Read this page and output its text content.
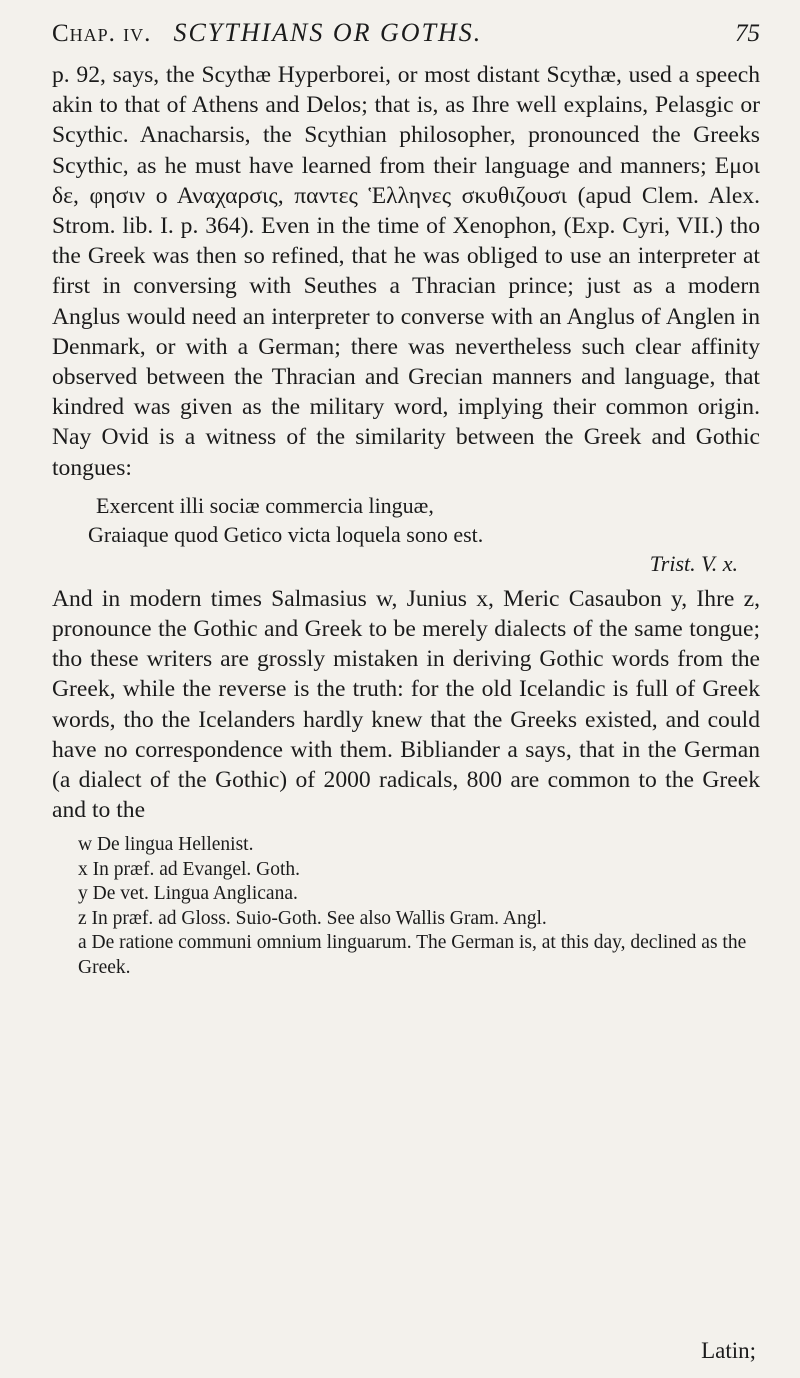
Chap. iv. SCYTHIANS OR GOTHS.	75

p. 92, says, the Scythæ Hyperborei, or most distant Scythæ, used a speech akin to that of Athens and Delos; that is, as Ihre well explains, Pelasgic or Scythic. Anacharsis, the Scythian philosopher, pronounced the Greeks Scythic, as he must have learned from their language and manners; Εμοι δε, φησιν ο Αναχαρσις, παντες Ἑλληνες σκυθιζουσι (apud Clem. Alex. Strom. lib. I. p. 364). Even in the time of Xenophon, (Exp. Cyri, VII.) tho the Greek was then so refined, that he was obliged to use an interpreter at first in conversing with Seuthes a Thracian prince; just as a modern Anglus would need an interpreter to converse with an Anglus of Anglen in Denmark, or with a German; there was nevertheless such clear affinity observed between the Thracian and Grecian manners and language, that kindred was given as the military word, implying their common origin. Nay Ovid is a witness of the similarity between the Greek and Gothic tongues:

Exercent illi sociæ commercia linguæ,
Graiaque quod Getico victa loquela sono est.
Trist. V. x.

And in modern times Salmasius w, Junius x, Meric Casaubon y, Ihre z, pronounce the Gothic and Greek to be merely dialects of the same tongue; tho these writers are grossly mistaken in deriving Gothic words from the Greek, while the reverse is the truth: for the old Icelandic is full of Greek words, tho the Icelanders hardly knew that the Greeks existed, and could have no correspondence with them. Bibliander a says, that in the German (a dialect of the Gothic) of 2000 radicals, 800 are common to the Greek and to the

w De lingua Hellenist.
x In præf. ad Evangel. Goth.
y De vet. Lingua Anglicana.
z In præf. ad Gloss. Suio-Goth. See also Wallis Gram. Angl.
a De ratione communi omnium linguarum. The German is, at this day, declined as the Greek.
Latin;
